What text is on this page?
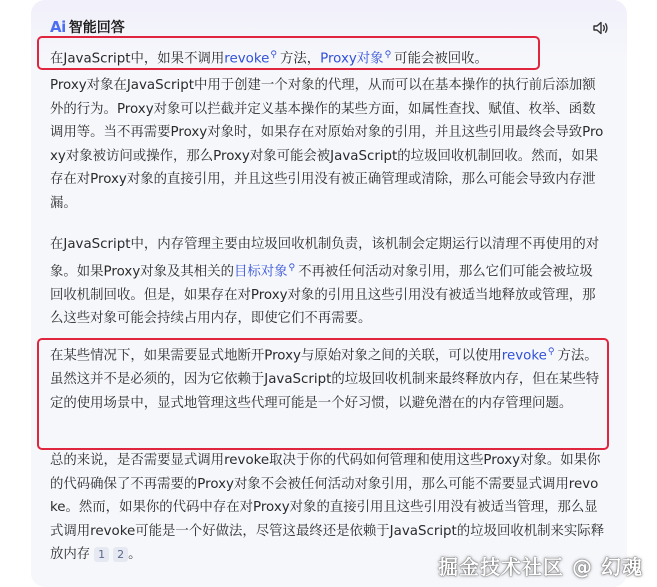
Ai 智能回答
在JavaScript中，如果不调用revoke⚲ 方法，Proxy对象⚲ 可能会被回收。
Proxy对象在JavaScript中用于创建一个对象的代理，从而可以在基本操作的执行前后添加额外的行为。Proxy对象可以拦截并定义基本操作的某些方面，如属性查找、赋值、枚举、函数调用等。当不再需要Proxy对象时，如果存在对原始对象的引用，并且这些引用最终会导致Proxy对象被访问或操作，那么Proxy对象可能会被JavaScript的垃圾回收机制回收。然而，如果存在对Proxy对象的直接引用，并且这些引用没有被正确管理或清除，那么可能会导致内存泄漏。
在JavaScript中，内存管理主要由垃圾回收机制负责，该机制会定期运行以清理不再使用的对象。如果Proxy对象及其相关的目标对象⚲ 不再被任何活动对象引用，那么它们可能会被垃圾回收机制回收。但是，如果存在对Proxy对象的引用且这些引用没有被适当地释放或管理，那么这些对象可能会持续占用内存，即使它们不再需要。
在某些情况下，如果需要显式地断开Proxy与原始对象之间的关联，可以使用revoke⚲ 方法。虽然这并不是必须的，因为它依赖于JavaScript的垃圾回收机制来最终释放内存，但在某些特定的使用场景中，显式地管理这些代理可能是一个好习惯，以避免潜在的内存管理问题。
总的来说，是否需要显式调用revoke取决于你的代码如何管理和使用这些Proxy对象。如果你的代码确保了不再需要的Proxy对象不会被任何活动对象引用，那么可能不需要显式调用revoke。然而，如果你的代码中存在对Proxy对象的直接引用且这些引用没有被适当管理，那么显式调用revoke可能是一个好做法，尽管这最终还是依赖于JavaScript的垃圾回收机制来实际释放内存 1 2 。
掘金技术社区 @ 幻魂
